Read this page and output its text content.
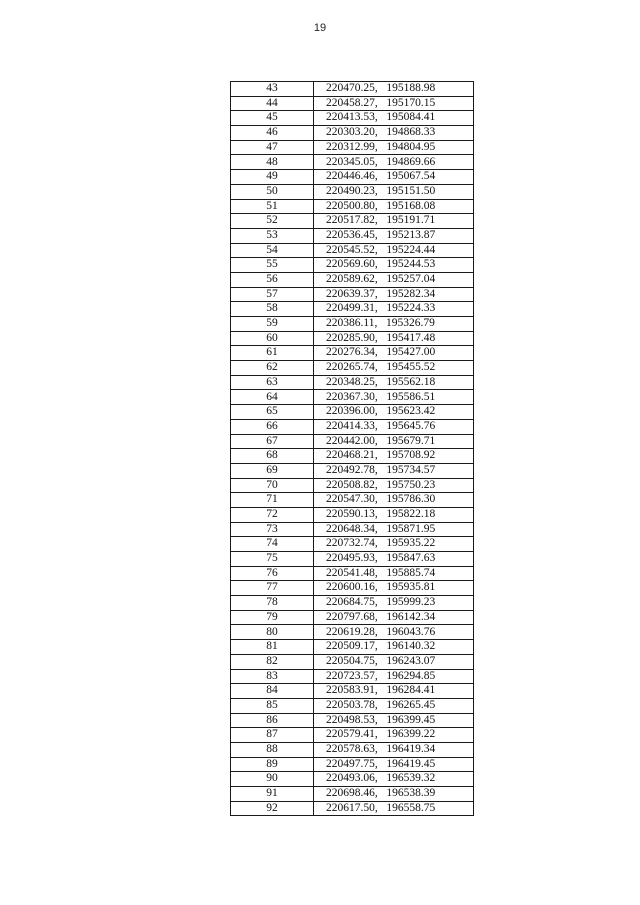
19
43	220470.25,   195188.98
44	220458.27,   195170.15
45	220413.53,   195084.41
46	220303.20,   194868.33
47	220312.99,   194804.95
48	220345.05,   194869.66
49	220446.46,   195067.54
50	220490.23,   195151.50
51	220500.80,   195168.08
52	220517.82,   195191.71
53	220536.45,   195213.87
54	220545.52,   195224.44
55	220569.60,   195244.53
56	220589.62,   195257.04
57	220639.37,   195282.34
58	220499.31,   195224.33
59	220386.11,   195326.79
60	220285.90,   195417.48
61	220276.34,   195427.00
62	220265.74,   195455.52
63	220348.25,   195562.18
64	220367.30,   195586.51
65	220396.00,   195623.42
66	220414.33,   195645.76
67	220442.00,   195679.71
68	220468.21,   195708.92
69	220492.78,   195734.57
70	220508.82,   195750.23
71	220547.30,   195786.30
72	220590.13,   195822.18
73	220648.34,   195871.95
74	220732.74,   195935.22
75	220495.93,   195847.63
76	220541.48,   195885.74
77	220600.16,   195935.81
78	220684.75,   195999.23
79	220797.68,   196142.34
80	220619.28,   196043.76
81	220509.17,   196140.32
82	220504.75,   196243.07
83	220723.57,   196294.85
84	220583.91,   196284.41
85	220503.78,   196265.45
86	220498.53,   196399.45
87	220579.41,   196399.22
88	220578.63,   196419.34
89	220497.75,   196419.45
90	220493.06,   196539.32
91	220698.46,   196538.39
92	220617.50,   196558.75
